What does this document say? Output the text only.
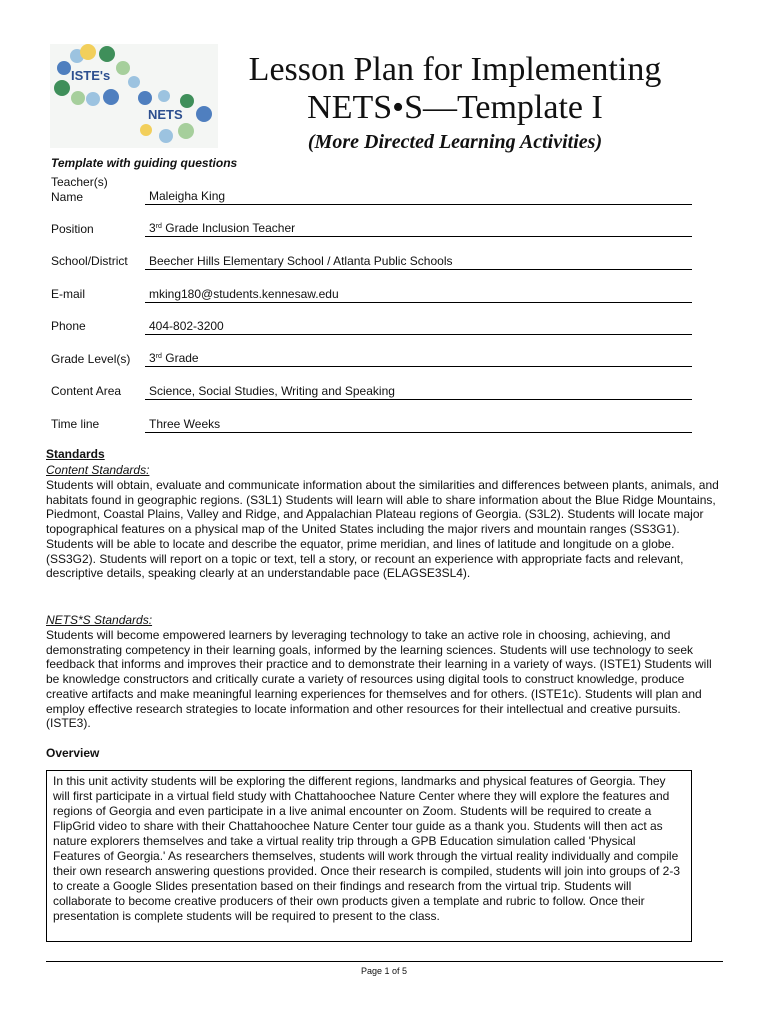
ISTE's
NETS
Lesson Plan for Implementing
NETS•S—Template I
(More Directed Learning Activities)
Template with guiding questions
Teacher(s)
Name	Maleigha King
Position	3rd Grade Inclusion Teacher
School/District	Beecher Hills Elementary School / Atlanta Public Schools
E-mail	mking180@students.kennesaw.edu
Phone	404-802-3200
Grade Level(s)	3rd Grade
Content Area	Science, Social Studies, Writing and Speaking
Time line	Three Weeks
Standards
Content Standards:
Students will obtain, evaluate and communicate information about the similarities and differences between plants, animals, and habitats found in geographic regions. (S3L1) Students will learn will able to share information about the Blue Ridge Mountains, Piedmont, Coastal Plains, Valley and Ridge, and Appalachian Plateau regions of Georgia. (S3L2). Students will locate major topographical features on a physical map of the United States including the major rivers and mountain ranges (SS3G1). Students will be able to locate and describe the equator, prime meridian, and lines of latitude and longitude on a globe. (SS3G2). Students will report on a topic or text, tell a story, or recount an experience with appropriate facts and relevant, descriptive details, speaking clearly at an understandable pace (ELAGSE3SL4).
NETS*S Standards:
Students will become empowered learners by leveraging technology to take an active role in choosing, achieving, and demonstrating competency in their learning goals, informed by the learning sciences. Students will use technology to seek feedback that informs and improves their practice and to demonstrate their learning in a variety of ways. (ISTE1) Students will be knowledge constructors and critically curate a variety of resources using digital tools to construct knowledge, produce creative artifacts and make meaningful learning experiences for themselves and for others. (ISTE1c). Students will plan and employ effective research strategies to locate information and other resources for their intellectual and creative pursuits. (ISTE3).
Overview
In this unit activity students will be exploring the different regions, landmarks and physical features of Georgia. They will first participate in a virtual field study with Chattahoochee Nature Center where they will explore the features and regions of Georgia and even participate in a live animal encounter on Zoom. Students will be required to create a FlipGrid video to share with their Chattahoochee Nature Center tour guide as a thank you. Students will then act as nature explorers themselves and take a virtual reality trip through a GPB Education simulation called 'Physical Features of Georgia.' As researchers themselves, students will work through the virtual reality individually and compile their own research answering questions provided. Once their research is compiled, students will join into groups of 2-3 to create a Google Slides presentation based on their findings and research from the virtual trip. Students will collaborate to become creative producers of their own products given a template and rubric to follow. Once their presentation is complete students will be required to present to the class.
Page 1 of 5
